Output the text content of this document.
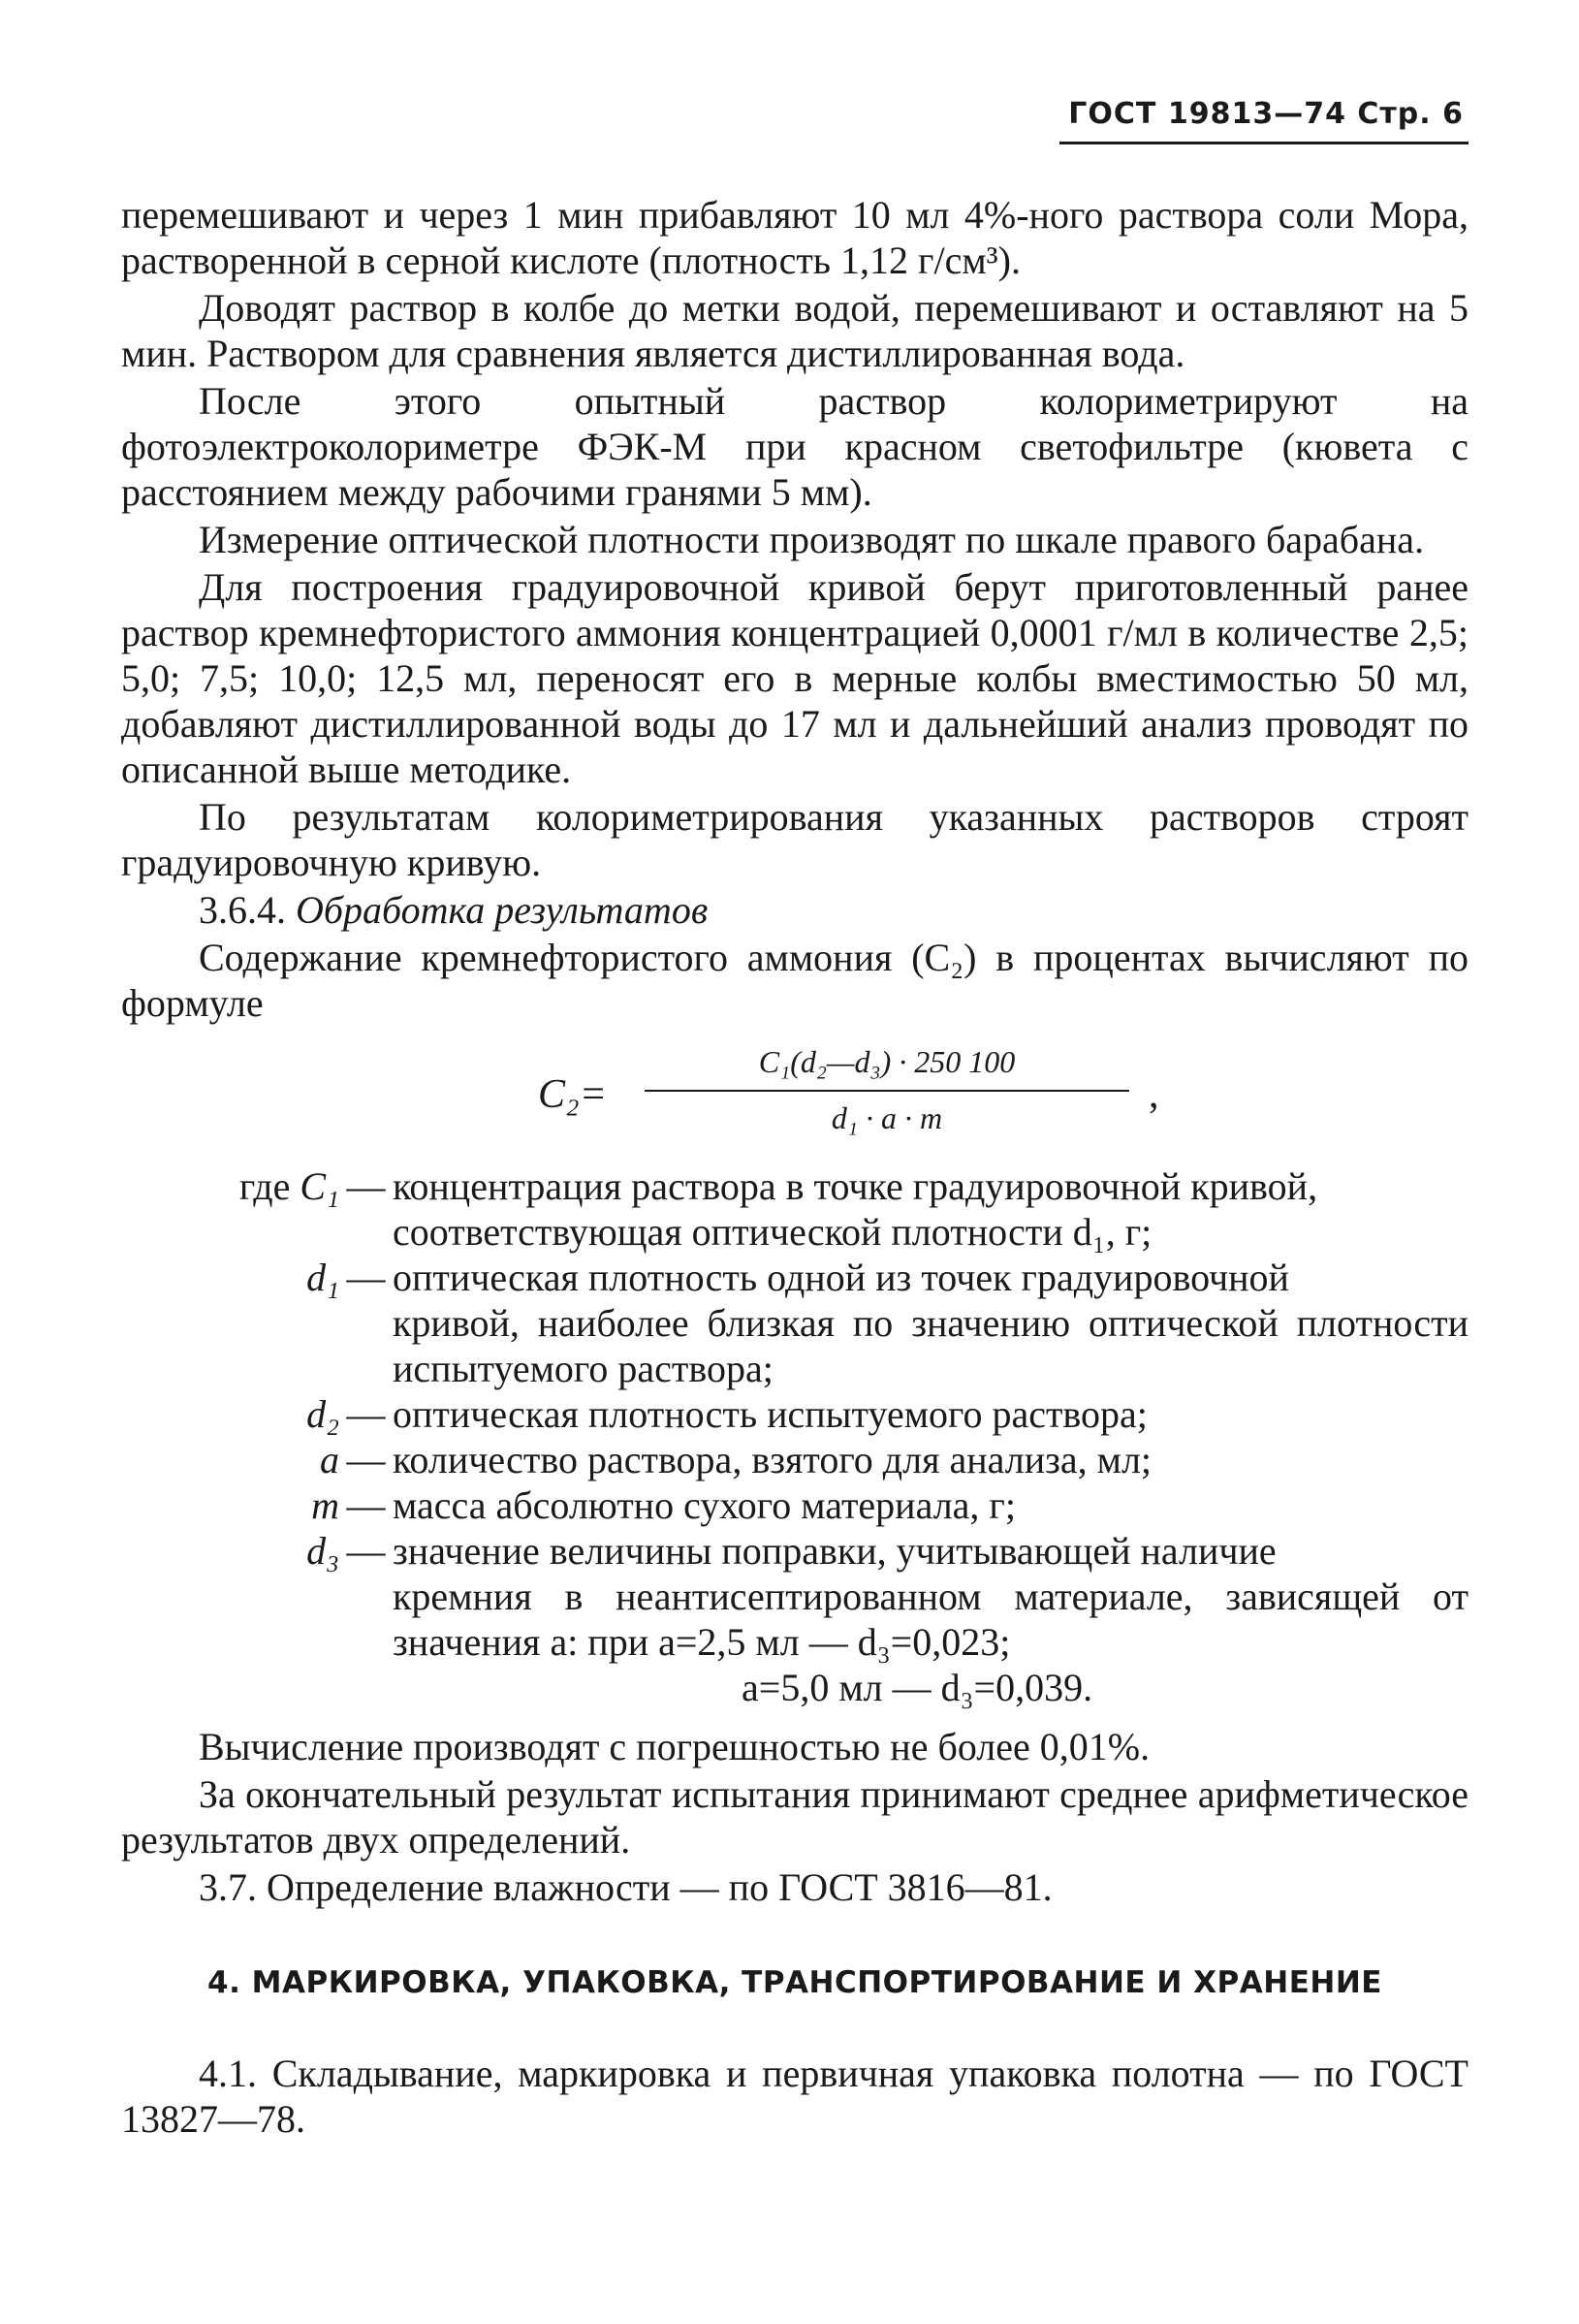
ГОСТ 19813—74 Стр. 6

перемешивают и через 1 мин прибавляют 10 мл 4%-ного раствора соли Мора, растворенной в серной кислоте (плотность 1,12 г/см³).

Доводят раствор в колбе до метки водой, перемешивают и оставляют на 5 мин. Раствором для сравнения является дистиллированная вода.

После этого опытный раствор колориметрируют на фотоэлектроколориметре ФЭК-М при красном светофильтре (кювета с расстоянием между рабочими гранями 5 мм).

Измерение оптической плотности производят по шкале правого барабана.

Для построения градуировочной кривой берут приготовленный ранее раствор кремнефтористого аммония концентрацией 0,0001 г/мл в количестве 2,5; 5,0; 7,5; 10,0; 12,5 мл, переносят его в мерные колбы вместимостью 50 мл, добавляют дистиллированной воды до 17 мл и дальнейший анализ проводят по описанной выше методике.

По результатам колориметрирования указанных растворов строят градуировочную кривую.

3.6.4. Обработка результатов

Содержание кремнефтористого аммония (C₂) в процентах вычисляют по формуле

C₂=
C₁(d₂—d₃) · 250 100
d₁ · a · m
,
где C₁ — концентрация раствора в точке градуировочной кривой,
соответствующая оптической плотности d₁, г;
d₁ — оптическая плотность одной из точек градуировочной
кривой, наиболее близкая по значению оптической плотности испытуемого раствора;
d₂ — оптическая плотность испытуемого раствора;
a — количество раствора, взятого для анализа, мл;
m — масса абсолютно сухого материала, г;
d₃ — значение величины поправки, учитывающей наличие
кремния в неантисептированном материале, зависящей от значения a: при a=2,5 мл — d₃=0,023;
a=5,0 мл — d₃=0,039.

Вычисление производят с погрешностью не более 0,01%.

За окончательный результат испытания принимают среднее арифметическое результатов двух определений.

3.7. Определение влажности — по ГОСТ 3816—81.

4. МАРКИРОВКА, УПАКОВКА, ТРАНСПОРТИРОВАНИЕ И ХРАНЕНИЕ

4.1. Складывание, маркировка и первичная упаковка полотна — по ГОСТ 13827—78.
